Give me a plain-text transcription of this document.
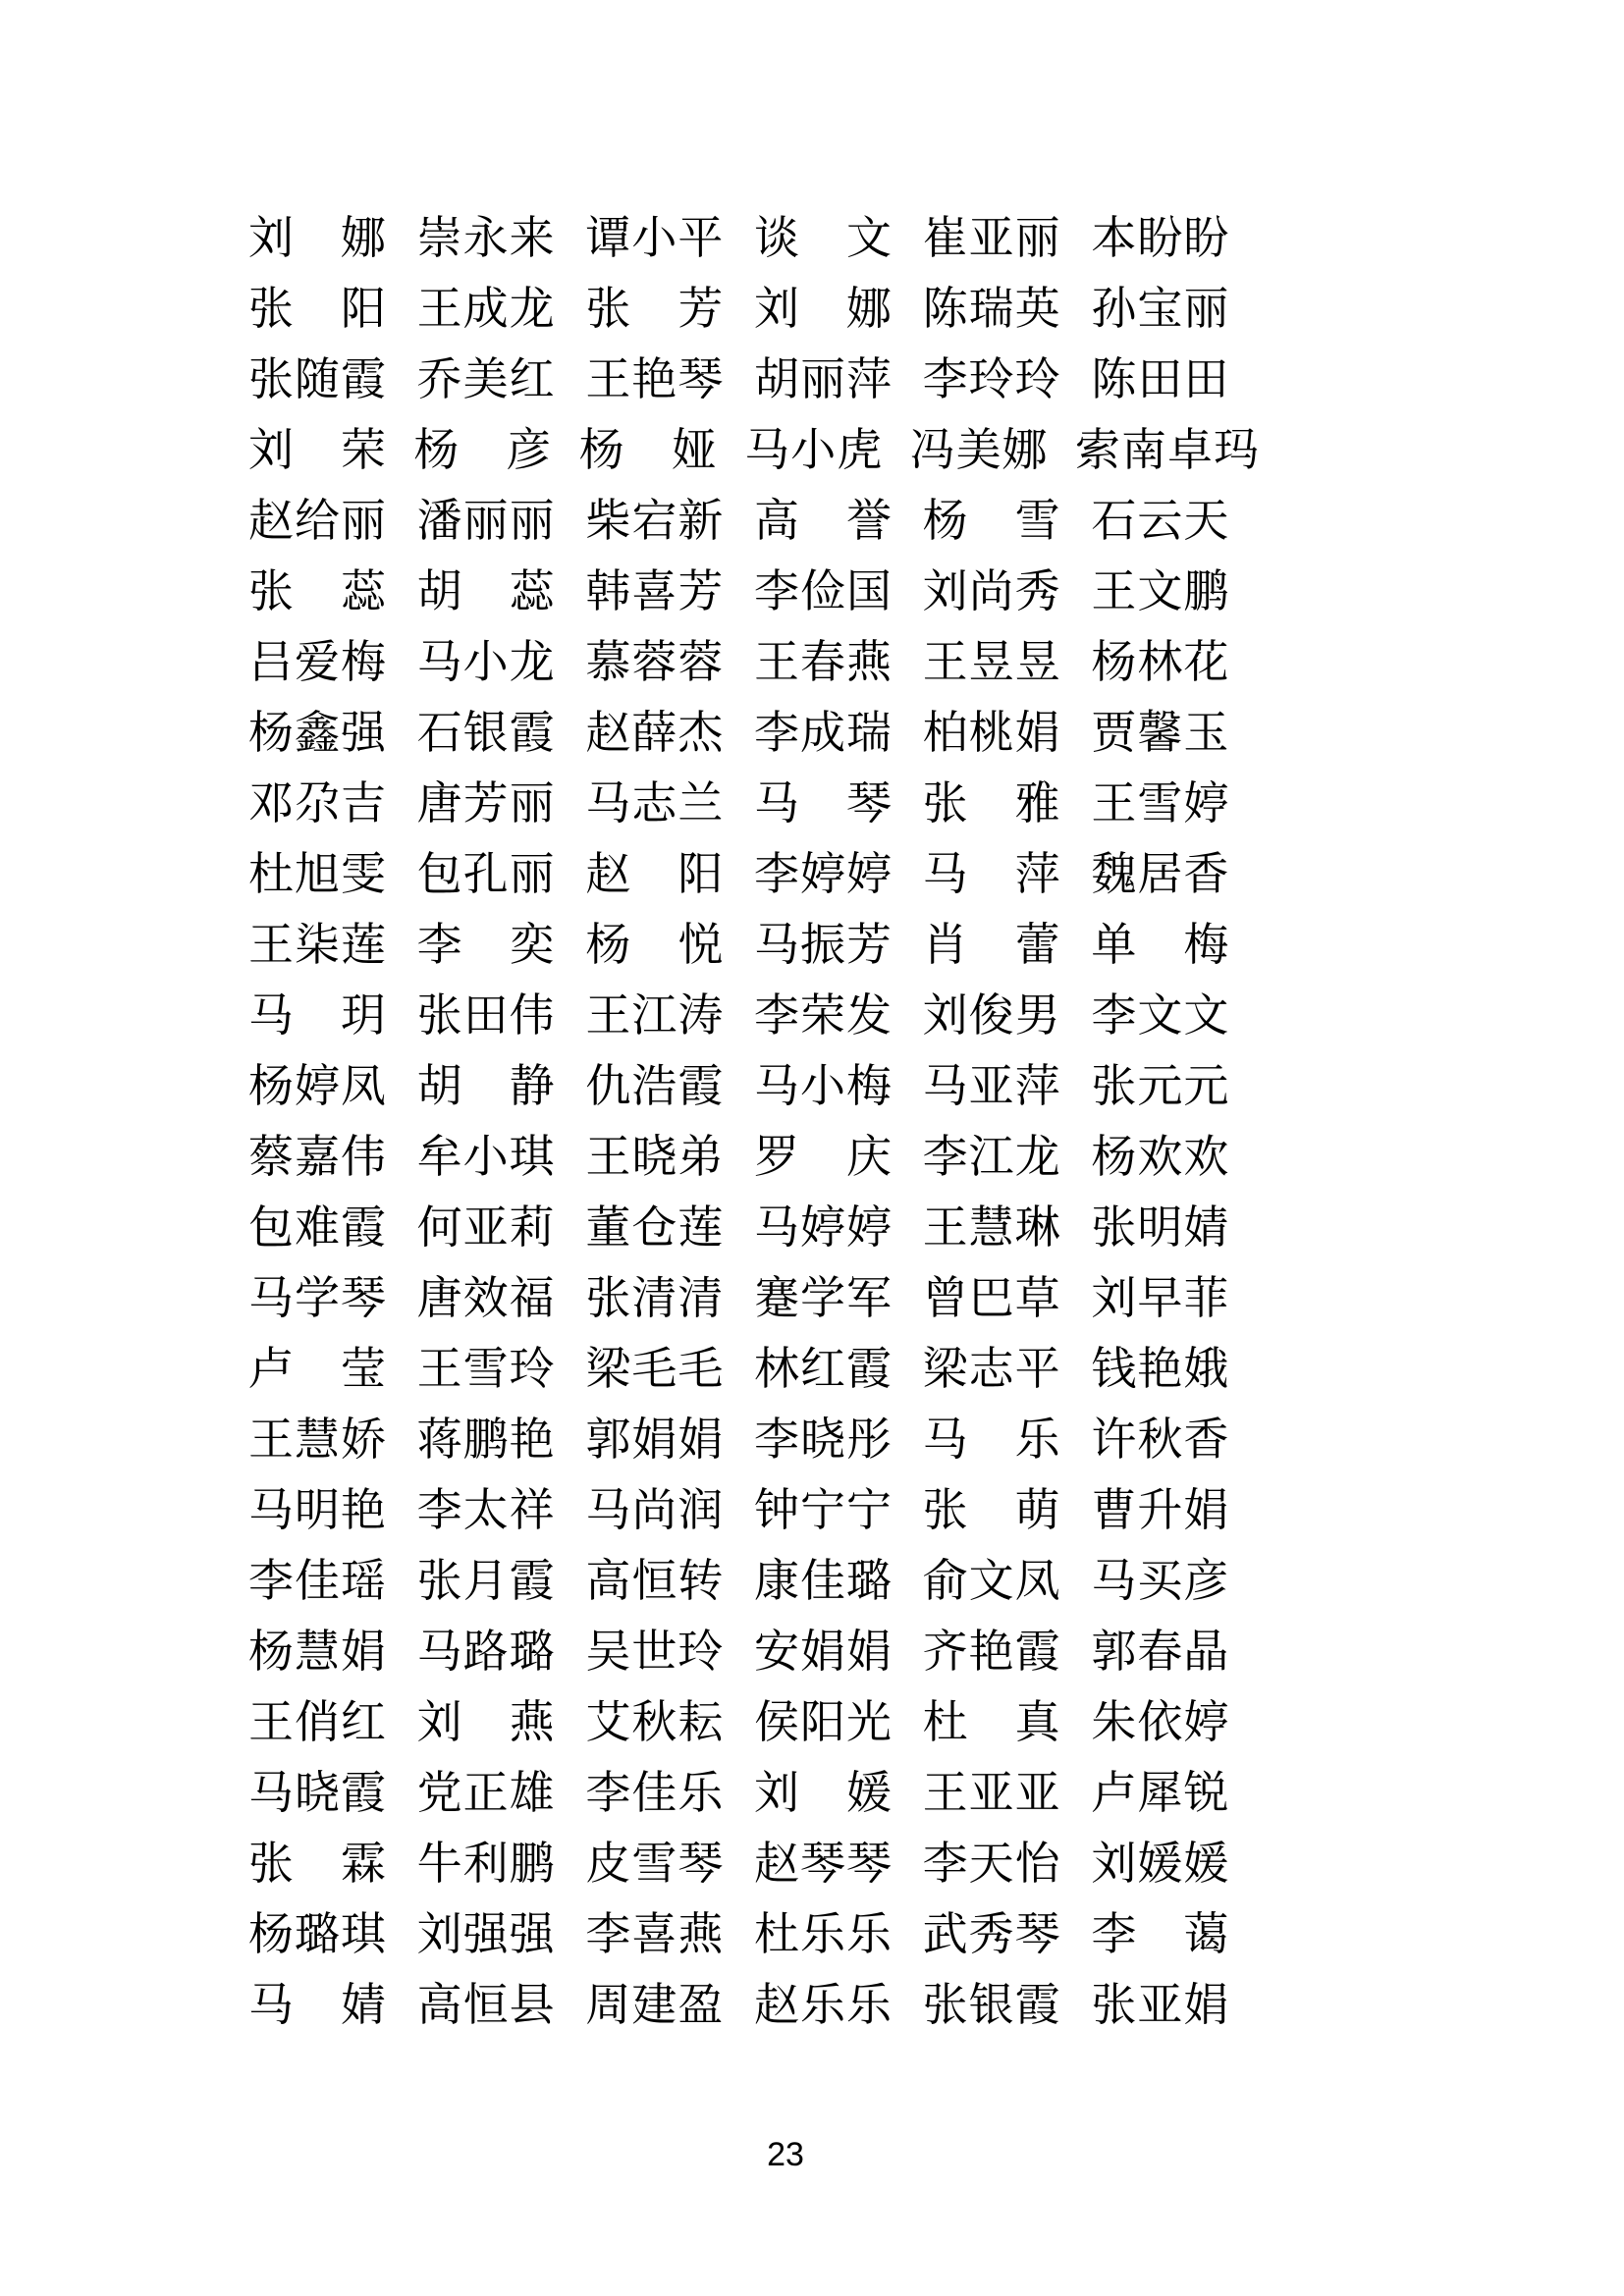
刘　娜 崇永来 谭小平 谈　文 崔亚丽 本盼盼
张　阳 王成龙 张　芳 刘　娜 陈瑞英 孙宝丽
张随霞 乔美红 王艳琴 胡丽萍 李玲玲 陈田田
刘　荣 杨　彦 杨　娅 马小虎 冯美娜 索南卓玛
赵给丽 潘丽丽 柴宕新 高　誉 杨　雪 石云天
张　蕊 胡　蕊 韩喜芳 李俭国 刘尚秀 王文鹏
吕爱梅 马小龙 慕蓉蓉 王春燕 王昱昱 杨林花
杨鑫强 石银霞 赵薛杰 李成瑞 柏桃娟 贾馨玉
邓尕吉 唐芳丽 马志兰 马　琴 张　雅 王雪婷
杜旭雯 包孔丽 赵　阳 李婷婷 马　萍 魏居香
王柒莲 李　奕 杨　悦 马振芳 肖　蕾 单　梅
马　玥 张田伟 王江涛 李荣发 刘俊男 李文文
杨婷凤 胡　静 仇浩霞 马小梅 马亚萍 张元元
蔡嘉伟 牟小琪 王晓弟 罗　庆 李江龙 杨欢欢
包难霞 何亚莉 董仓莲 马婷婷 王慧琳 张明婧
马学琴 唐效福 张清清 蹇学军 曾巴草 刘早菲
卢　莹 王雪玲 梁毛毛 林红霞 梁志平 钱艳娥
王慧娇 蒋鹏艳 郭娟娟 李晓彤 马　乐 许秋香
马明艳 李太祥 马尚润 钟宁宁 张　萌 曹升娟
李佳瑶 张月霞 高恒转 康佳璐 俞文凤 马买彦
杨慧娟 马路璐 吴世玲 安娟娟 齐艳霞 郭春晶
王俏红 刘　燕 艾秋耘 侯阳光 杜　真 朱依婷
马晓霞 党正雄 李佳乐 刘　媛 王亚亚 卢犀锐
张　霖 牛利鹏 皮雪琴 赵琴琴 李天怡 刘媛媛
杨璐琪 刘强强 李喜燕 杜乐乐 武秀琴 李　蔼
马　婧 高恒县 周建盈 赵乐乐 张银霞 张亚娟
23
